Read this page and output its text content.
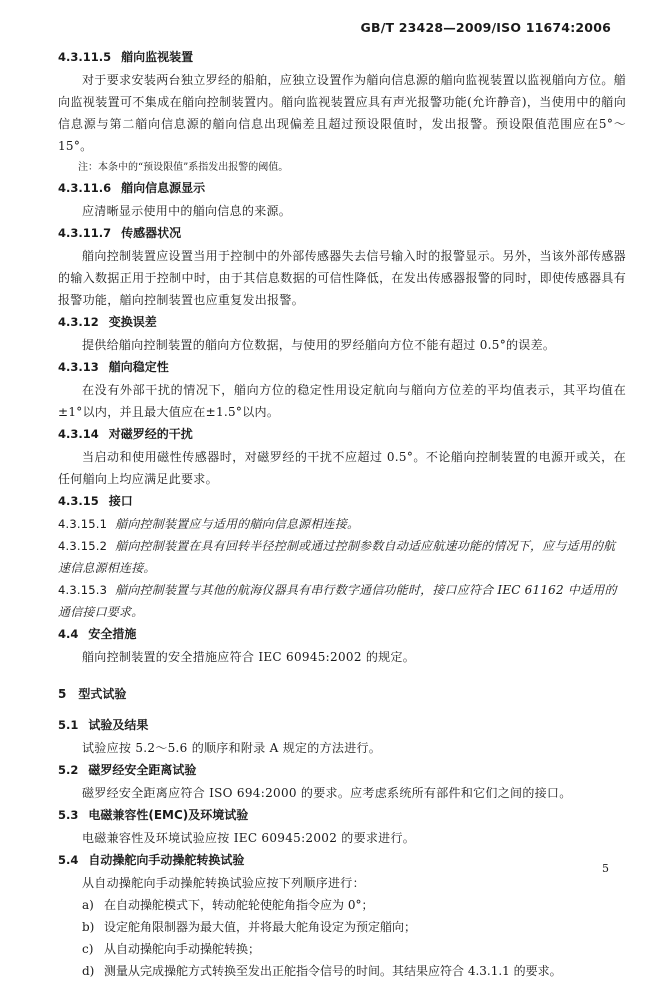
GB/T 23428—2009/ISO 11674:2006
4.3.11.5 艏向监视装置

对于要求安装两台独立罗经的船舶，应独立设置作为艏向信息源的艏向监视装置以监视艏向方位。艏向监视装置可不集成在艏向控制装置内。艏向监视装置应具有声光报警功能(允许静音)，当使用中的艏向信息源与第二艏向信息源的艏向信息出现偏差且超过预设限值时，发出报警。预设限值范围应在5°～15°。

注：本条中的“预设限值”系指发出报警的阈值。

4.3.11.6 艏向信息源显示

应清晰显示使用中的艏向信息的来源。

4.3.11.7 传感器状况

艏向控制装置应设置当用于控制中的外部传感器失去信号输入时的报警显示。另外，当该外部传感器的输入数据正用于控制中时，由于其信息数据的可信性降低，在发出传感器报警的同时，即使传感器具有报警功能，艏向控制装置也应重复发出报警。

4.3.12 变换误差

提供给艏向控制装置的艏向方位数据，与使用的罗经艏向方位不能有超过 0.5°的误差。

4.3.13 艏向稳定性

在没有外部干扰的情况下，艏向方位的稳定性用设定航向与艏向方位差的平均值表示，其平均值在±1°以内，并且最大值应在±1.5°以内。

4.3.14 对磁罗经的干扰

当启动和使用磁性传感器时，对磁罗经的干扰不应超过 0.5°。不论艏向控制装置的电源开或关，在任何艏向上均应满足此要求。

4.3.15 接口

4.3.15.1 艏向控制装置应与适用的艏向信息源相连接。

4.3.15.2 艏向控制装置在具有回转半径控制或通过控制参数自动适应航速功能的情况下，应与适用的航速信息源相连接。

4.3.15.3 艏向控制装置与其他的航海仪器具有串行数字通信功能时，接口应符合 IEC 61162 中适用的通信接口要求。

4.4 安全措施

艏向控制装置的安全措施应符合 IEC 60945:2002 的规定。

5 型式试验
5.1 试验及结果

试验应按 5.2～5.6 的顺序和附录 A 规定的方法进行。

5.2 磁罗经安全距离试验

磁罗经安全距离应符合 ISO 694:2000 的要求。应考虑系统所有部件和它们之间的接口。

5.3 电磁兼容性(EMC)及环境试验

电磁兼容性及环境试验应按 IEC 60945:2002 的要求进行。

5.4 自动操舵向手动操舵转换试验

从自动操舵向手动操舵转换试验应按下列顺序进行：

a) 在自动操舵模式下，转动舵轮使舵角指令应为 0°；

b) 设定舵角限制器为最大值，并将最大舵角设定为预定艏向；

c) 从自动操舵向手动操舵转换；

d) 测量从完成操舵方式转换至发出正舵指令信号的时间。其结果应符合 4.3.1.1 的要求。

5
